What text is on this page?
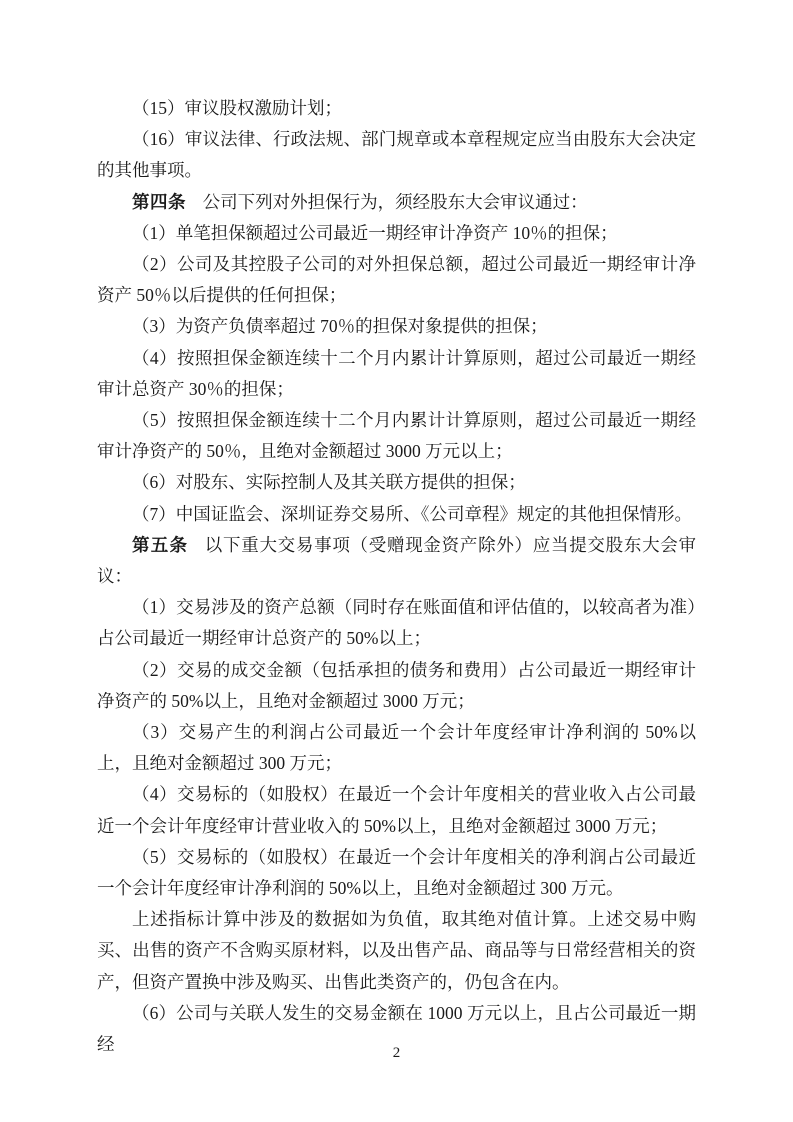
（15）审议股权激励计划；

（16）审议法律、行政法规、部门规章或本章程规定应当由股东大会决定的其他事项。

第四条 公司下列对外担保行为，须经股东大会审议通过：

（1）单笔担保额超过公司最近一期经审计净资产 10％的担保；

（2）公司及其控股子公司的对外担保总额，超过公司最近一期经审计净资产 50％以后提供的任何担保；

（3）为资产负债率超过 70％的担保对象提供的担保；

（4）按照担保金额连续十二个月内累计计算原则，超过公司最近一期经审计总资产 30％的担保；

（5）按照担保金额连续十二个月内累计计算原则，超过公司最近一期经审计净资产的 50％，且绝对金额超过 3000 万元以上；

（6）对股东、实际控制人及其关联方提供的担保；

（7）中国证监会、深圳证券交易所、《公司章程》规定的其他担保情形。

第五条 以下重大交易事项（受赠现金资产除外）应当提交股东大会审议：

（1）交易涉及的资产总额（同时存在账面值和评估值的，以较高者为准）占公司最近一期经审计总资产的 50%以上；

（2）交易的成交金额（包括承担的债务和费用）占公司最近一期经审计净资产的 50%以上，且绝对金额超过 3000 万元；

（3）交易产生的利润占公司最近一个会计年度经审计净利润的 50%以上，且绝对金额超过 300 万元；

（4）交易标的（如股权）在最近一个会计年度相关的营业收入占公司最近一个会计年度经审计营业收入的 50%以上，且绝对金额超过 3000 万元；

（5）交易标的（如股权）在最近一个会计年度相关的净利润占公司最近一个会计年度经审计净利润的 50%以上，且绝对金额超过 300 万元。

上述指标计算中涉及的数据如为负值，取其绝对值计算。上述交易中购买、出售的资产不含购买原材料，以及出售产品、商品等与日常经营相关的资产，但资产置换中涉及购买、出售此类资产的，仍包含在内。

（6）公司与关联人发生的交易金额在 1000 万元以上，且占公司最近一期经	2
